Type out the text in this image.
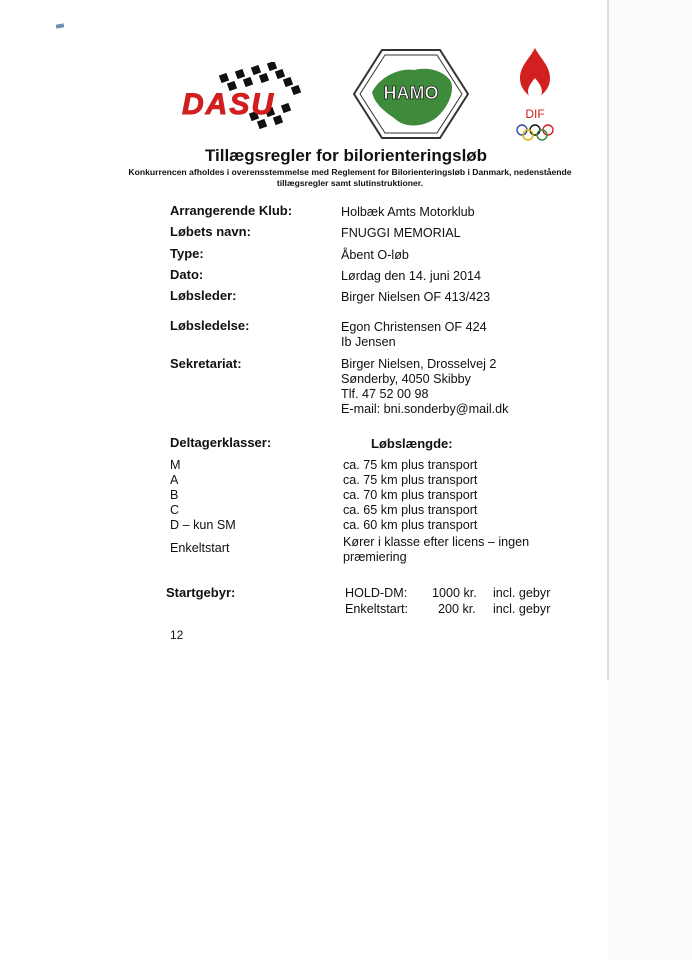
DASU	HAMO
DIF
Tillægsregler for bilorienteringsløb
Konkurrencen afholdes i overensstemmelse med Reglement for Bilorienteringsløb i Danmark, nedenstående tillægsregler samt slutinstruktioner.
Arrangerende Klub:	Holbæk Amts Motorklub
Løbets navn:	FNUGGI MEMORIAL
Type:	Åbent O-løb
Dato:	Lørdag den 14. juni 2014
Løbsleder:	Birger Nielsen OF 413/423
Løbsledelse:	Egon Christensen OF 424
Ib Jensen
Sekretariat:	Birger Nielsen, Drosselvej 2
Sønderby, 4050 Skibby
Tlf. 47 52 00 98
E-mail: bni.sonderby@mail.dk
Deltagerklasser:	Løbslængde:
M	ca. 75 km plus transport
A	ca. 75 km plus transport
B	ca. 70 km plus transport
C	ca. 65 km plus transport
D – kun SM	ca. 60 km plus transport
Enkeltstart	Kører i klasse efter licens – ingen præmiering
Startgebyr:	HOLD-DM: 1000 kr. incl. gebyr
Enkeltstart: 200 kr. incl. gebyr
12
